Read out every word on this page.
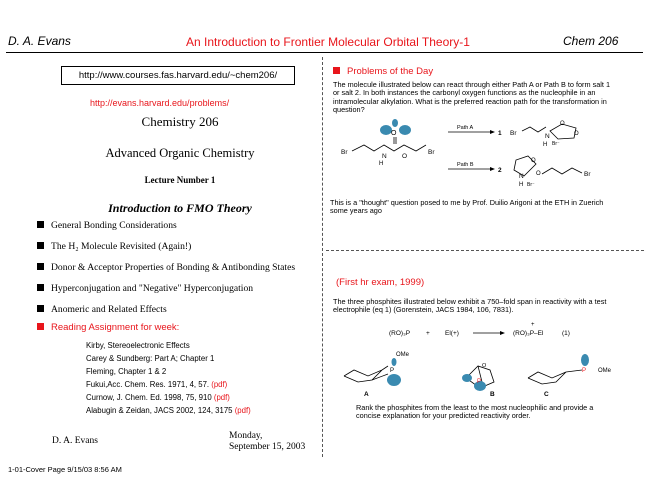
D. A. Evans	An Introduction to Frontier Molecular Orbital Theory-1	Chem 206
http://www.courses.fas.harvard.edu/~chem206/
http://evans.harvard.edu/problems/
Chemistry 206
Advanced Organic Chemistry
Lecture Number 1
Introduction to FMO Theory
General Bonding Considerations
The H₂ Molecule Revisited (Again!)
Donor & Acceptor Properties of Bonding & Antibonding States
Hyperconjugation and "Negative" Hyperconjugation
Anomeric and Related Effects
Reading Assignment for week:
Kirby, Stereoelectronic Effects
Carey & Sundberg: Part A; Chapter 1
Fleming, Chapter 1 & 2
Fukui,Acc. Chem. Res. 1971, 4, 57. (pdf)
Curnow, J. Chem. Ed. 1998, 75, 910 (pdf)
Alabugin & Zeidan, JACS 2002, 124, 3175 (pdf)
D. A. Evans	Monday,
September 15, 2003
1-01-Cover Page 9/15/03 8:56 AM
Problems of the Day
The molecule illustrated below can react through either Path A or Path B to form salt 1 or salt 2. In both instances the carbonyl oxygen functions as the nucleophile in an intramolecular alkylation. What is the preferred reaction path for the transformation in question?
O
Br
N
H
O
Br
Path A
1 Br	N
O
O
H Br⁻
Path B
2
O
N
H Br⁻
O	Br
This is a "thought" question posed to me by Prof. Duilio Arigoni at the ETH in Zuerich some years ago
(First hr exam, 1999)
The three phosphites illustrated below exhibit a 750–fold span in reactivity with a test electrophile (eq 1) (Gorenstein, JACS 1984, 106, 7831).
(RO)₃P + El(+)	(RO)₃P–El
+
(1)
P
OMe
A
P
O
B
P OMe
C
Rank the phosphites from the least to the most nucleophilic and provide a concise explanation for your predicted reactivity order.
